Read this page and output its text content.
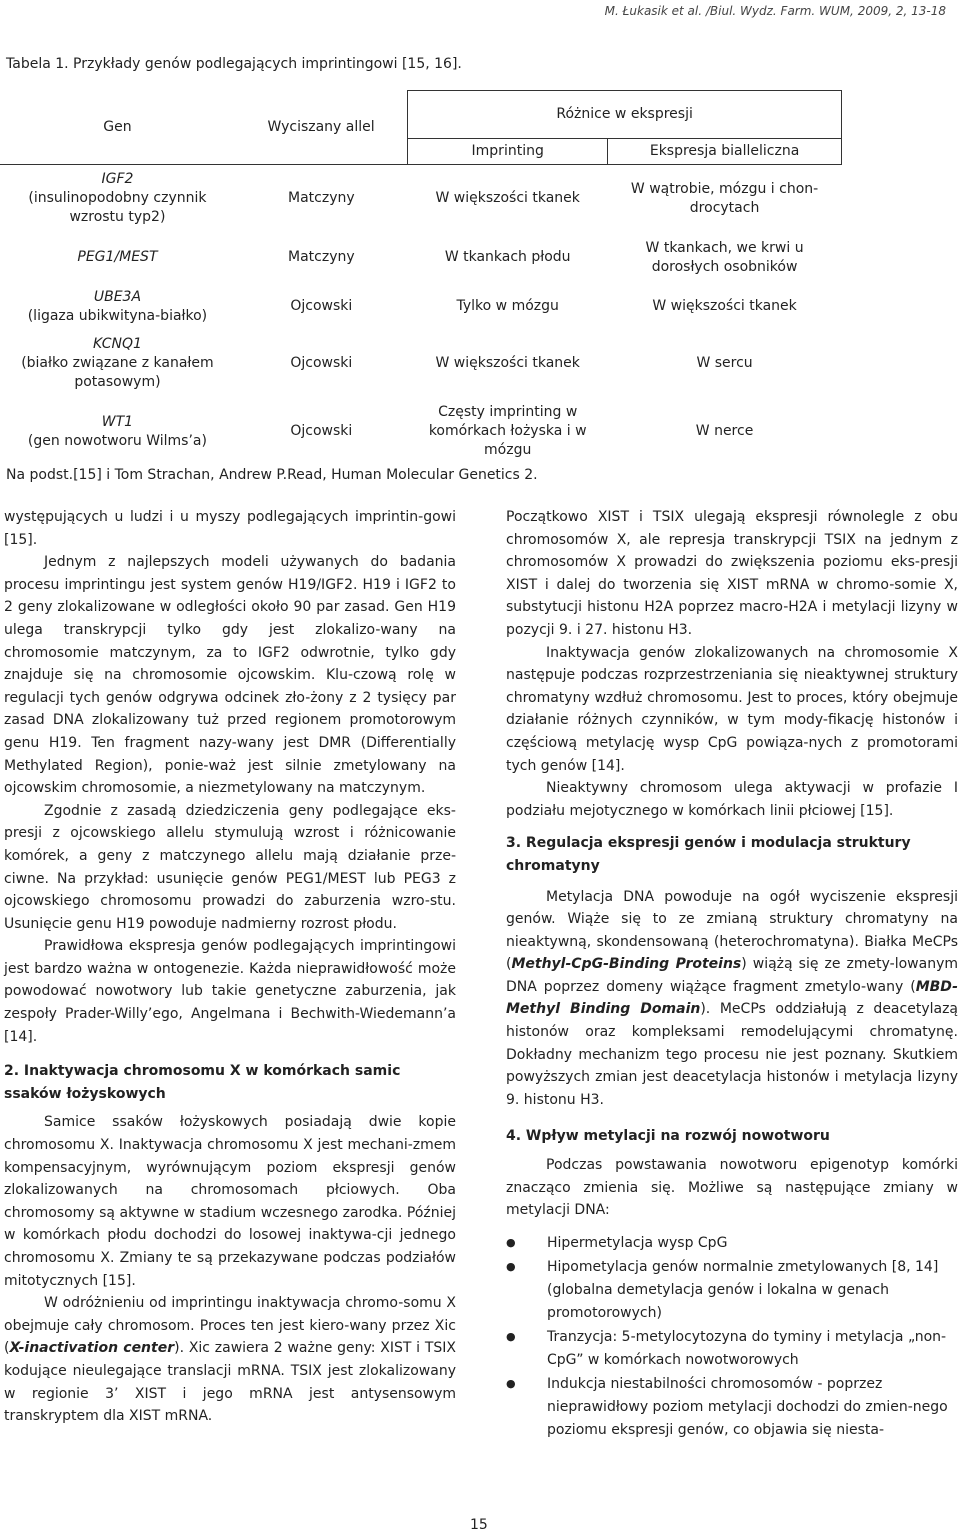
M. Łukasik et al. /Biul. Wydz. Farm. WUM, 2009, 2, 13-18
Tabela 1. Przykłady genów podlegających imprintingowi [15, 16].
Gen	Wyciszany allel	Różnice w ekspresji	
		Imprinting	Ekspresja bialleliczna

IGF2
(insulinopodobny czynnik wzrostu typ2)	Matczyny	W większości tkanek	W wątrobie, mózgu i chon-drocytach

PEG1/MEST	Matczyny	W tkankach płodu	W tkankach, we krwi u dorosłych osobników

UBE3A
(ligaza ubikwityna-białko)	Ojcowski	Tylko w mózgu	W większości tkanek

KCNQ1
(białko związane z kanałem potasowym)	Ojcowski	W większości tkanek	W sercu

WT1
(gen nowotworu Wilms’a)	Ojcowski	Częsty imprinting w komórkach łożyska i w mózgu	W nerce
Na podst.[15] i Tom Strachan, Andrew P.Read, Human Molecular Genetics 2.

występujących u ludzi i u myszy podlegających imprintin-gowi [15].

Jednym z najlepszych modeli używanych do badania procesu imprintingu jest system genów H19/IGF2. H19 i IGF2 to 2 geny zlokalizowane w odległości około 90 par zasad. Gen H19 ulega transkrypcji tylko gdy jest zlokalizo-wany na chromosomie matczynym, za to IGF2 odwrotnie, tylko gdy znajduje się na chromosomie ojcowskim. Klu-czową rolę w regulacji tych genów odgrywa odcinek zło-żony z 2 tysięcy par zasad DNA zlokalizowany tuż przed regionem promotorowym genu H19. Ten fragment nazy-wany jest DMR (Differentially Methylated Region), ponie-waż jest silnie zmetylowany na ojcowskim chromosomie, a niezmetylowany na matczynym.

Zgodnie z zasadą dziedziczenia geny podlegające eks-presji z ojcowskiego allelu stymulują wzrost i różnicowanie komórek, a geny z matczynego allelu mają działanie prze-ciwne. Na przykład: usunięcie genów PEG1/MEST lub PEG3 z ojcowskiego chromosomu prowadzi do zaburzenia wzro-stu. Usunięcie genu H19 powoduje nadmierny rozrost płodu.

Prawidłowa ekspresja genów podlegających imprintingowi jest bardzo ważna w ontogenezie. Każda nieprawidłowość może powodować nowotwory lub takie genetyczne zaburzenia, jak zespoły Prader-Willy’ego, Angelmana i Bechwith-Wiedemann’a [14].

2. Inaktywacja chromosomu X w komórkach samic ssaków łożyskowych

Samice ssaków łożyskowych posiadają dwie kopie chromosomu X. Inaktywacja chromosomu X jest mechani-zmem kompensacyjnym, wyrównującym poziom ekspresji genów zlokalizowanych na chromosomach płciowych. Oba chromosomy są aktywne w stadium wczesnego zarodka. Później w komórkach płodu dochodzi do losowej inaktywa-cji jednego chromosomu X. Zmiany te są przekazywane podczas podziałów mitotycznych [15].

W odróżnieniu od imprintingu inaktywacja chromo-somu X obejmuje cały chromosom. Proces ten jest kiero-wany przez Xic (X-inactivation center). Xic zawiera 2 ważne geny: XIST i TSIX kodujące nieulegające translacji mRNA. TSIX jest zlokalizowany w regionie 3’ XIST i jego mRNA jest antysensowym transkryptem dla XIST mRNA.

Początkowo XIST i TSIX ulegają ekspresji równolegle z obu chromosomów X, ale represja transkrypcji TSIX na jednym z chromosomów X prowadzi do zwiększenia poziomu eks-presji XIST i dalej do tworzenia się XIST mRNA w chromo-somie X, substytucji histonu H2A poprzez macro-H2A i metylacji lizyny w pozycji 9. i 27. histonu H3.

Inaktywacja genów zlokalizowanych na chromosomie X następuje podczas rozprzestrzeniania się nieaktywnej struktury chromatyny wzdłuż chromosomu. Jest to proces, który obejmuje działanie różnych czynników, w tym mody-fikację histonów i częściową metylację wysp CpG powiąza-nych z promotorami tych genów [14].

Nieaktywny chromosom ulega aktywacji w profazie I podziału mejotycznego w komórkach linii płciowej [15].

3. Regulacja ekspresji genów i modulacja struktury chromatyny

Metylacja DNA powoduje na ogół wyciszenie ekspresji genów. Wiąże się to ze zmianą struktury chromatyny na nieaktywną, skondensowaną (heterochromatyna). Białka MeCPs (Methyl-CpG-Binding Proteins) wiążą się ze zmety-lowanym DNA poprzez domeny wiążące fragment zmetylo-wany (MBD-Methyl Binding Domain). MeCPs oddziałują z deacetylazą histonów oraz kompleksami remodelującymi chromatynę. Dokładny mechanizm tego procesu nie jest poznany. Skutkiem powyższych zmian jest deacetylacja histonów i metylacja lizyny 9. histonu H3.

4. Wpływ metylacji na rozwój nowotworu

Podczas powstawania nowotworu epigenotyp komórki znacząco zmienia się. Możliwe są następujące zmiany w metylacji DNA:

● Hipermetylacja wysp CpG
● Hipometylacja genów normalnie zmetylowanych [8, 14] (globalna demetylacja genów i lokalna w genach promotorowych)
● Tranzycja: 5-metylocytozyna do tyminy i metylacja „non-CpG” w komórkach nowotworowych
● Indukcja niestabilności chromosomów - poprzez nieprawidłowy poziom metylacji dochodzi do zmien-nego poziomu ekspresji genów, co objawia się niesta-
15
